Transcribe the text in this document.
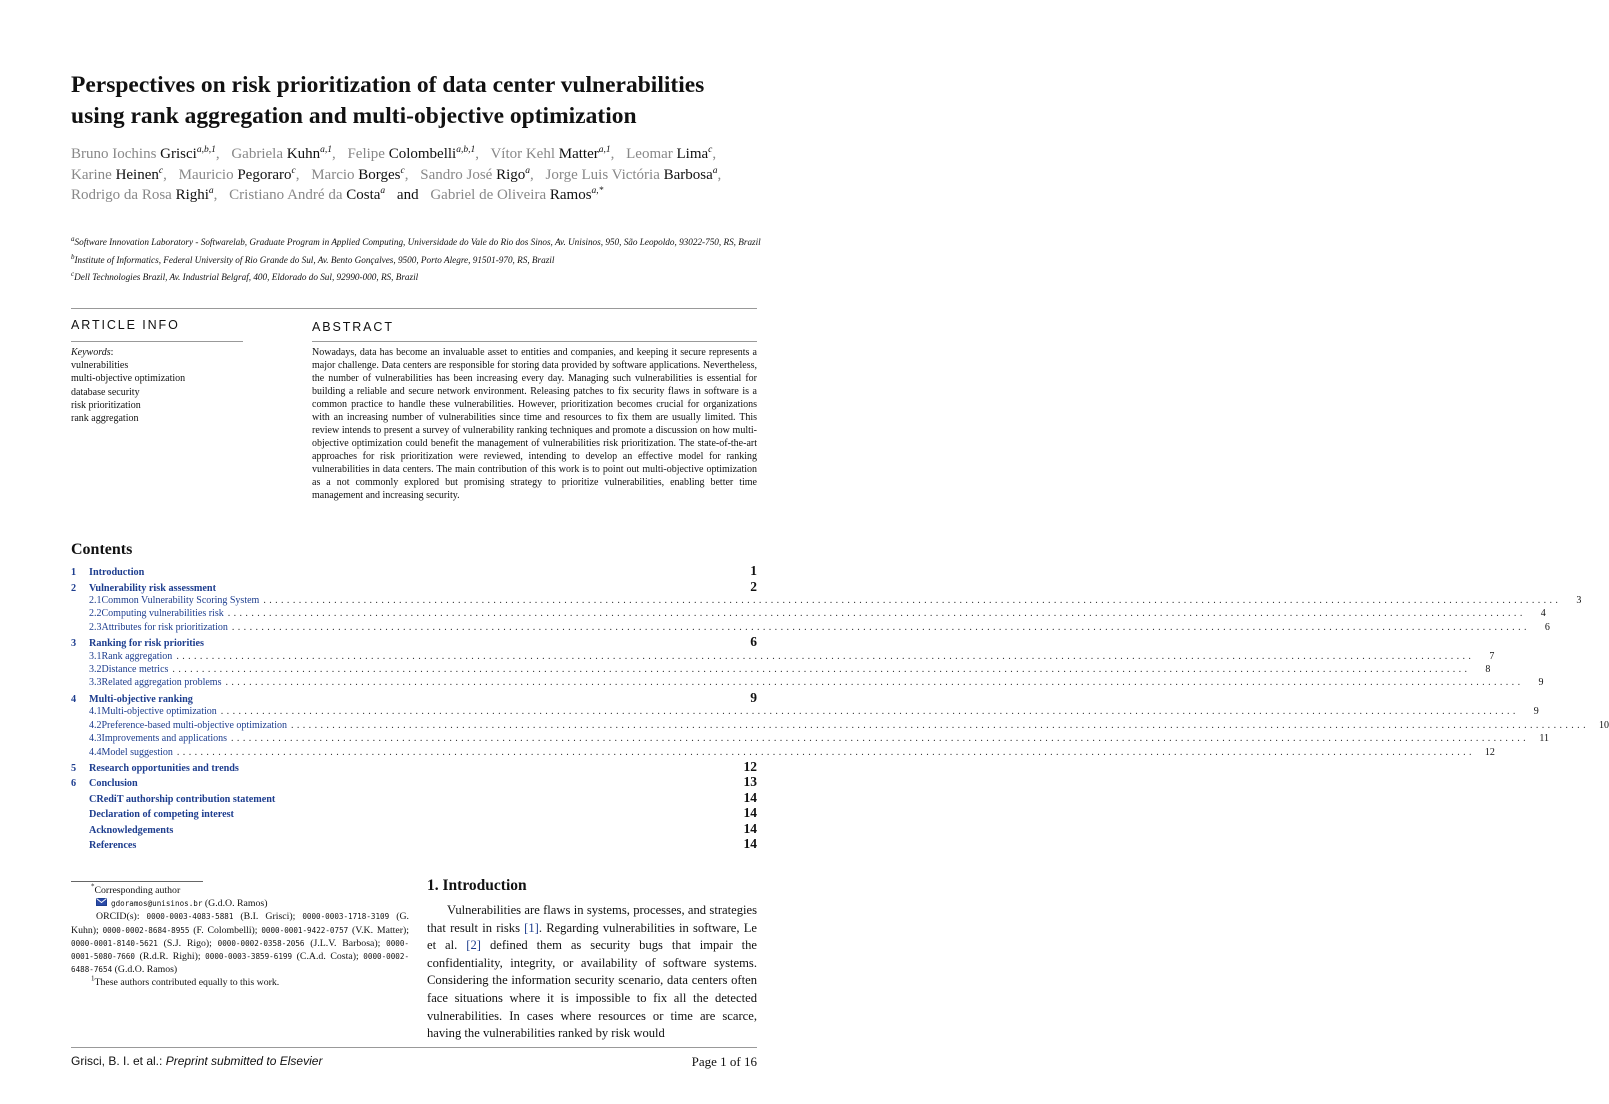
Perspectives on risk prioritization of data center vulnerabilities using rank aggregation and multi-objective optimization
Bruno Iochins Grisci$^{a,b,1}$, Gabriela Kuhn$^{a,1}$, Felipe Colombelli$^{a,b,1}$, Vítor Kehl Matter$^{a,1}$, Leomar Lima$^c$, Karine Heinen$^c$, Mauricio Pegoraro$^c$, Marcio Borges$^c$, Sandro José Rigo$^a$, Jorge Luis Victória Barbosa$^a$, Rodrigo da Rosa Righi$^a$, Cristiano André da Costa$^a$ and Gabriel de Oliveira Ramos$^{a,*}$
$^a$Software Innovation Laboratory - Softwarelab, Graduate Program in Applied Computing, Universidade do Vale do Rio dos Sinos, Av. Unisinos, 950, São Leopoldo, 93022-750, RS, Brazil
$^b$Institute of Informatics, Federal University of Rio Grande do Sul, Av. Bento Gonçalves, 9500, Porto Alegre, 91501-970, RS, Brazil
$^c$Dell Technologies Brazil, Av. Industrial Belgraf, 400, Eldorado do Sul, 92990-000, RS, Brazil
ARTICLE INFO
Keywords:
vulnerabilities
multi-objective optimization
database security
risk prioritization
rank aggregation
ABSTRACT

Nowadays, data has become an invaluable asset to entities and companies, and keeping it secure represents a major challenge. Data centers are responsible for storing data provided by software applications. Nevertheless, the number of vulnerabilities has been increasing every day. Managing such vulnerabilities is essential for building a reliable and secure network environment. Releasing patches to fix security flaws in software is a common practice to handle these vulnerabilities. However, prioritization becomes crucial for organizations with an increasing number of vulnerabilities since time and resources to fix them are usually limited. This review intends to present a survey of vulnerability ranking techniques and promote a discussion on how multi-objective optimization could benefit the management of vulnerabilities risk prioritization. The state-of-the-art approaches for risk prioritization were reviewed, intending to develop an effective model for ranking vulnerabilities in data centers. The main contribution of this work is to point out multi-objective optimization as a not commonly explored but promising strategy to prioritize vulnerabilities, enabling better time management and increasing security.

Contents
1	Introduction	1
2	Vulnerability risk assessment	2
2.1 Common Vulnerability Scoring System ............................................................................................................................................................................................................................	3
2.2 Computing vulnerabilities risk ............................................................................................................................................................................................................................	4
2.3 Attributes for risk prioritization ............................................................................................................................................................................................................................	6
3	Ranking for risk priorities	6
3.1 Rank aggregation ............................................................................................................................................................................................................................	7
3.2 Distance metrics ............................................................................................................................................................................................................................	8
3.3 Related aggregation problems ............................................................................................................................................................................................................................	9
4	Multi-objective ranking	9
4.1 Multi-objective optimization ............................................................................................................................................................................................................................	9
4.2 Preference-based multi-objective optimization ............................................................................................................................................................................................................................	10
4.3 Improvements and applications ............................................................................................................................................................................................................................	11
4.4 Model suggestion ............................................................................................................................................................................................................................	12
5	Research opportunities and trends	12
6	Conclusion	13
CRediT authorship contribution statement	14
Declaration of competing interest	14
Acknowledgements	14
References	14
*Corresponding author
gdoramos@unisinos.br
(G.d.O. Ramos)
ORCID(s): 0000-0003-4083-5881 (B.I. Grisci); 0000-0003-1718-3109 (G. Kuhn); 0000-0002-8684-8955 (F. Colombelli); 0000-0001-9422-0757 (V.K. Matter); 0000-0001-8140-5621 (S.J. Rigo); 0000-0002-0358-2056 (J.L.V. Barbosa); 0000-0001-5080-7660 (R.d.R. Righi); 0000-0003-3859-6199 (C.A.d. Costa); 0000-0002-6488-7654 (G.d.O. Ramos)
$^1$These authors contributed equally to this work.
1. Introduction

Vulnerabilities are flaws in systems, processes, and strategies that result in risks [1]. Regarding vulnerabilities in software, Le et al. [2] defined them as security bugs that impair the confidentiality, integrity, or availability of software systems. Considering the information security scenario, data centers often face situations where it is impossible to fix all the detected vulnerabilities. In cases where resources or time are scarce, having the vulnerabilities ranked by risk would

Grisci, B. I. et al.: Preprint submitted to Elsevier	Page 1 of 16
